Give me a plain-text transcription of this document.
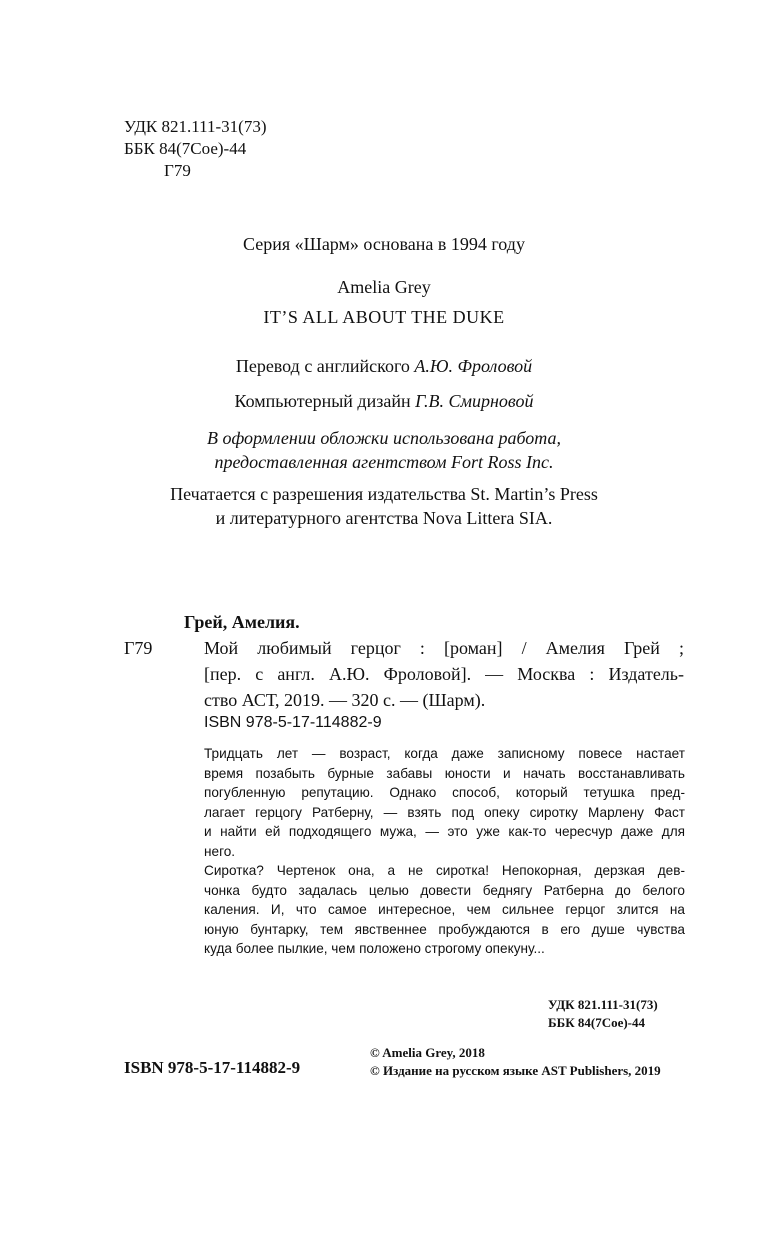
УДК 821.111-31(73)
ББК 84(7Сое)-44
Г79
Серия «Шарм» основана в 1994 году
Amelia Grey
IT’S ALL ABOUT THE DUKE
Перевод с английского А.Ю. Фроловой
Компьютерный дизайн Г.В. Смирновой
В оформлении обложки использована работа,
предоставленная агентством Fort Ross Inc.
Печатается с разрешения издательства St. Martin’s Press
и литературного агентства Nova Littera SIA.
Грей, Амелия.
Г79	Мой любимый герцог : [роман] / Амелия Грей ;
[пер. с англ. А.Ю. Фроловой]. — Москва : Издатель-
ство АСТ, 2019. — 320 с. — (Шарм).
ISBN 978-5-17-114882-9

Тридцать лет — возраст, когда даже записному повесе настает
время позабыть бурные забавы юности и начать восстанавливать
погубленную репутацию. Однако способ, который тетушка пред-
лагает герцогу Ратберну, — взять под опеку сиротку Марлену Фаст
и найти ей подходящего мужа, — это уже как-то чересчур даже для
него.

Сиротка? Чертенок она, а не сиротка! Непокорная, дерзкая дев-
чонка будто задалась целью довести беднягу Ратберна до белого
каления. И, что самое интересное, чем сильнее герцог злится на
юную бунтарку, тем явственнее пробуждаются в его душе чувства
куда более пылкие, чем положено строгому опекуну...

УДК 821.111-31(73)
ББК 84(7Сое)-44
ISBN 978-5-17-114882-9
© Amelia Grey, 2018
© Издание на русском языке AST Publishers, 2019
